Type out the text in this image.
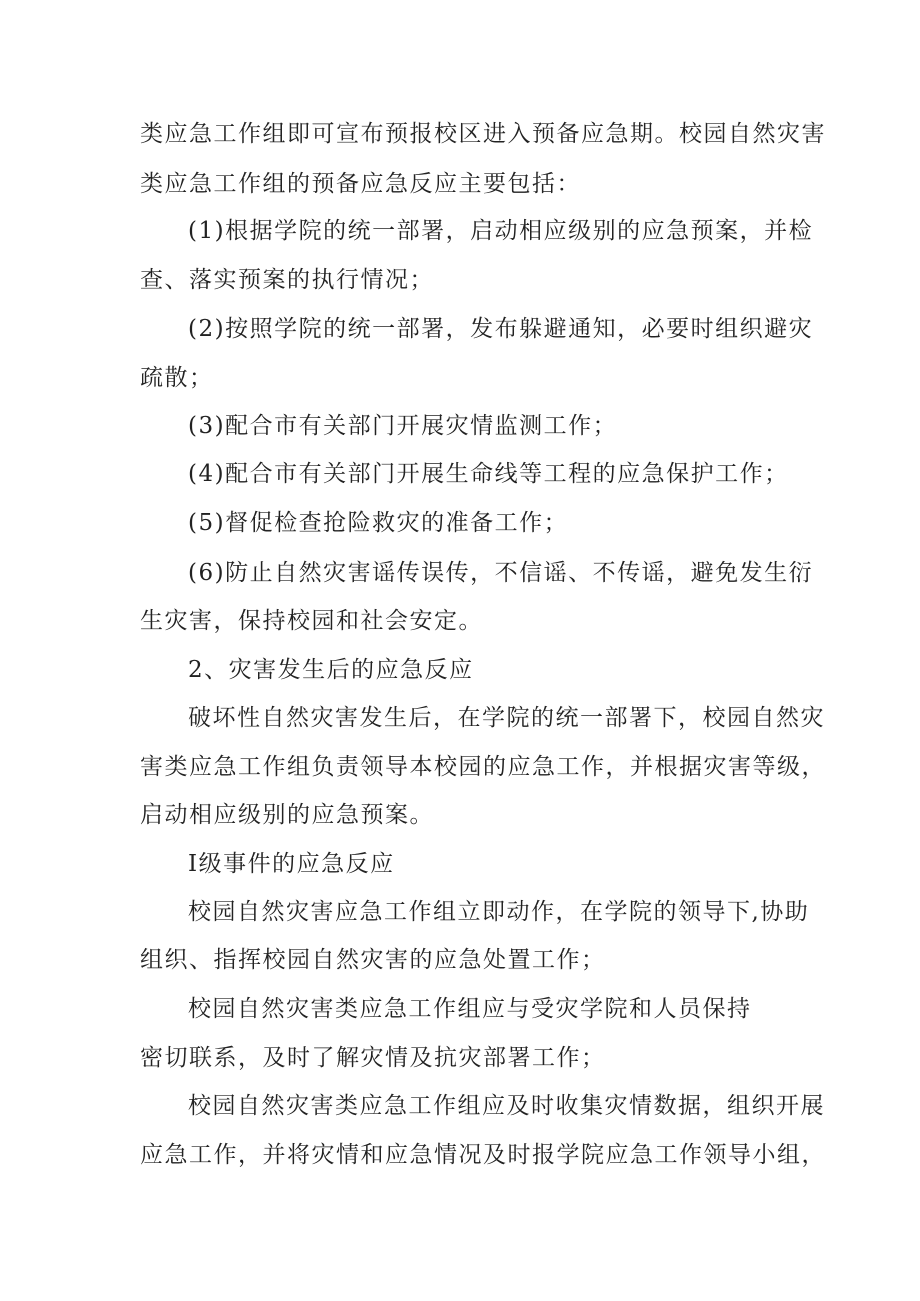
类应急工作组即可宣布预报校区进入预备应急期。校园自然灾害
类应急工作组的预备应急反应主要包括：
(1)根据学院的统一部署，启动相应级别的应急预案，并检
查、落实预案的执行情况；
(2)按照学院的统一部署，发布躲避通知，必要时组织避灾
疏散；
(3)配合市有关部门开展灾情监测工作；
(4)配合市有关部门开展生命线等工程的应急保护工作；
(5)督促检查抢险救灾的准备工作；
(6)防止自然灾害谣传误传，不信谣、不传谣，避免发生衍
生灾害，保持校园和社会安定。
2、灾害发生后的应急反应
破坏性自然灾害发生后，在学院的统一部署下，校园自然灾
害类应急工作组负责领导本校园的应急工作，并根据灾害等级，
启动相应级别的应急预案。
I级事件的应急反应
校园自然灾害应急工作组立即动作，在学院的领导下,协助
组织、指挥校园自然灾害的应急处置工作；
校园自然灾害类应急工作组应与受灾学院和人员保持
密切联系，及时了解灾情及抗灾部署工作；
校园自然灾害类应急工作组应及时收集灾情数据，组织开展
应急工作，并将灾情和应急情况及时报学院应急工作领导小组，
